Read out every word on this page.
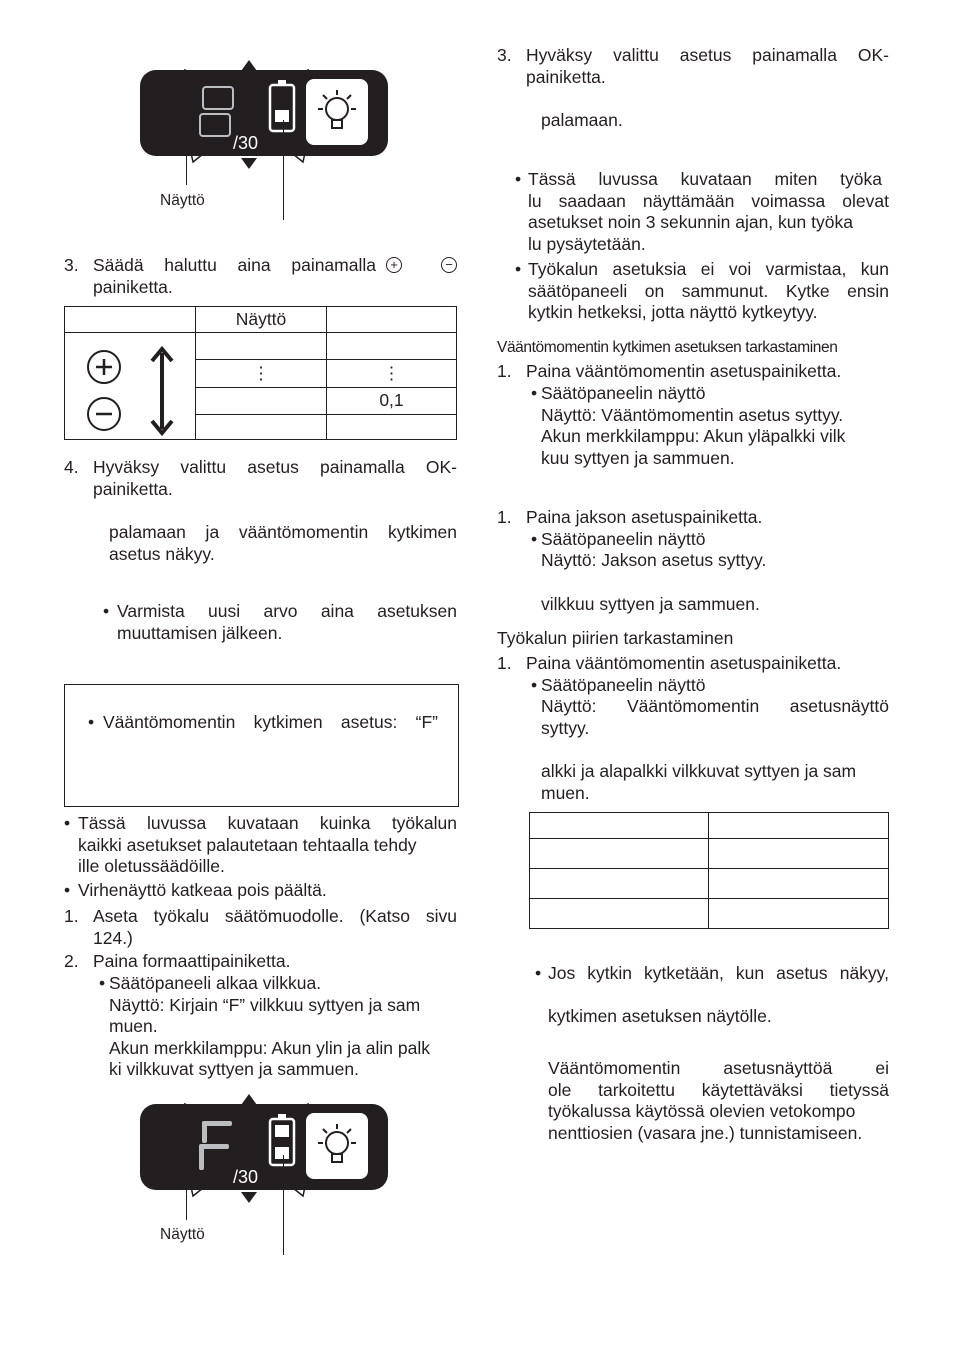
/30
Näyttö
3. Säädä haluttu aina painamalla	+	−
painiketta.
	Näyttö	

	⋮	⋮
		0,1

4. Hyväksy valittu asetus painamalla OK-
painiketta.
palamaan ja vääntömomentin kytkimen
asetus näkyy.
• Varmista uusi arvo aina asetuksen
muuttamisen jälkeen.
• Vääntömomentin kytkimen asetus: “F”
• Tässä luvussa kuvataan kuinka työkalun
kaikki asetukset palautetaan tehtaalla tehdy
ille oletussäädöille.
• Virhenäyttö katkeaa pois päältä.
1. Aseta työkalu säätömuodolle. (Katso sivu
124.)
2. Paina formaattipainiketta.
• Säätöpaneeli alkaa vilkkua.
Näyttö: Kirjain “F” vilkkuu syttyen ja sam
muen.
Akun merkkilamppu: Akun ylin ja alin palk
ki vilkkuvat syttyen ja sammuen.
/30
Näyttö
3. Hyväksy valittu asetus painamalla OK-
painiketta.
palamaan.
• Tässä luvussa kuvataan miten työka
lu saadaan näyttämään voimassa olevat
asetukset noin 3 sekunnin ajan, kun työka
lu pysäytetään.
• Työkalun asetuksia ei voi varmistaa, kun
säätöpaneeli on sammunut. Kytke ensin
kytkin hetkeksi, jotta näyttö kytkeytyy.
Vääntömomentin kytkimen asetuksen tarkastaminen
1. Paina vääntömomentin asetuspainiketta.
• Säätöpaneelin näyttö
Näyttö: Vääntömomentin asetus syttyy.
Akun merkkilamppu: Akun yläpalkki vilk
kuu syttyen ja sammuen.
1. Paina jakson asetuspainiketta.
• Säätöpaneelin näyttö
Näyttö: Jakson asetus syttyy.
vilkkuu syttyen ja sammuen.
Työkalun piirien tarkastaminen
1. Paina vääntömomentin asetuspainiketta.
• Säätöpaneelin näyttö
Näyttö: Vääntömomentin asetusnäyttö
syttyy.
alkki ja alapalkki vilkkuvat syttyen ja sam
muen.

• Jos kytkin kytketään, kun asetus näkyy,
kytkimen asetuksen näytölle.
Vääntömomentin asetusnäyttöä ei
ole tarkoitettu käytettäväksi tietyssä
työkalussa käytössä olevien vetokompo
nenttiosien (vasara jne.) tunnistamiseen.
